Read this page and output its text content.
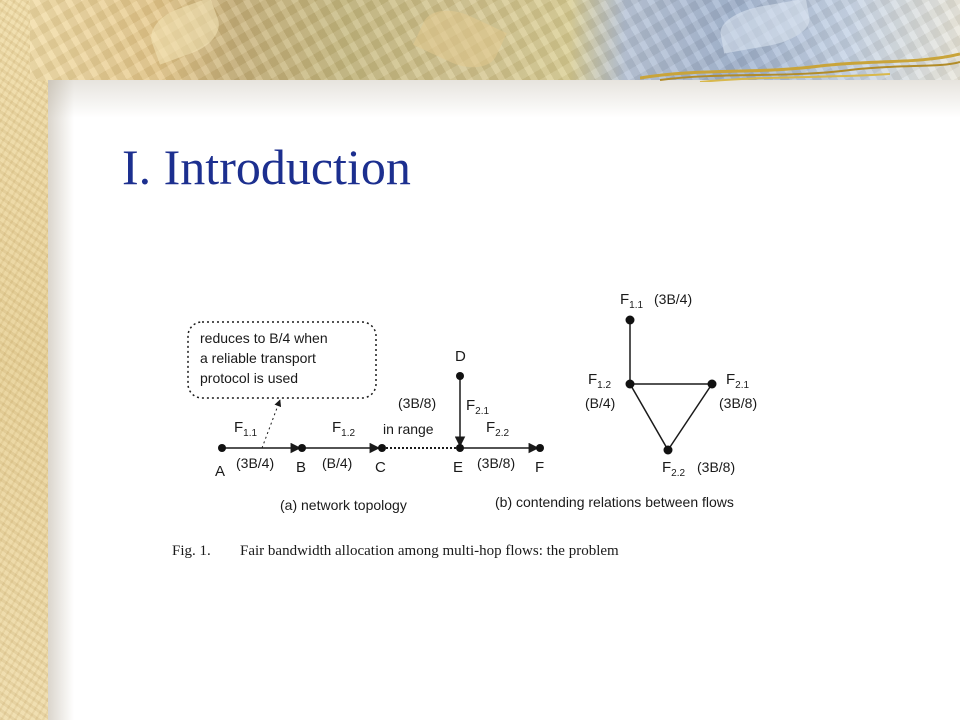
I. Introduction
reduces to B/4 when
a reliable transport
protocol is used
A	B	C
D
E	F
$F_{1.1}$	$F_{1.2}$
$F_{2.1}$
$F_{2.2}$
(3B/4)	(B/4)
(3B/8)
(3B/8)
in range
(a) network topology
$F_{1.1}$ (3B/4)
$F_{1.2}$
(B/4)
$F_{2.1}$
(3B/8)
$F_{2.2}$ (3B/8)
(b) contending relations between flows
Fig. 1. Fair bandwidth allocation among multi-hop flows: the problem
